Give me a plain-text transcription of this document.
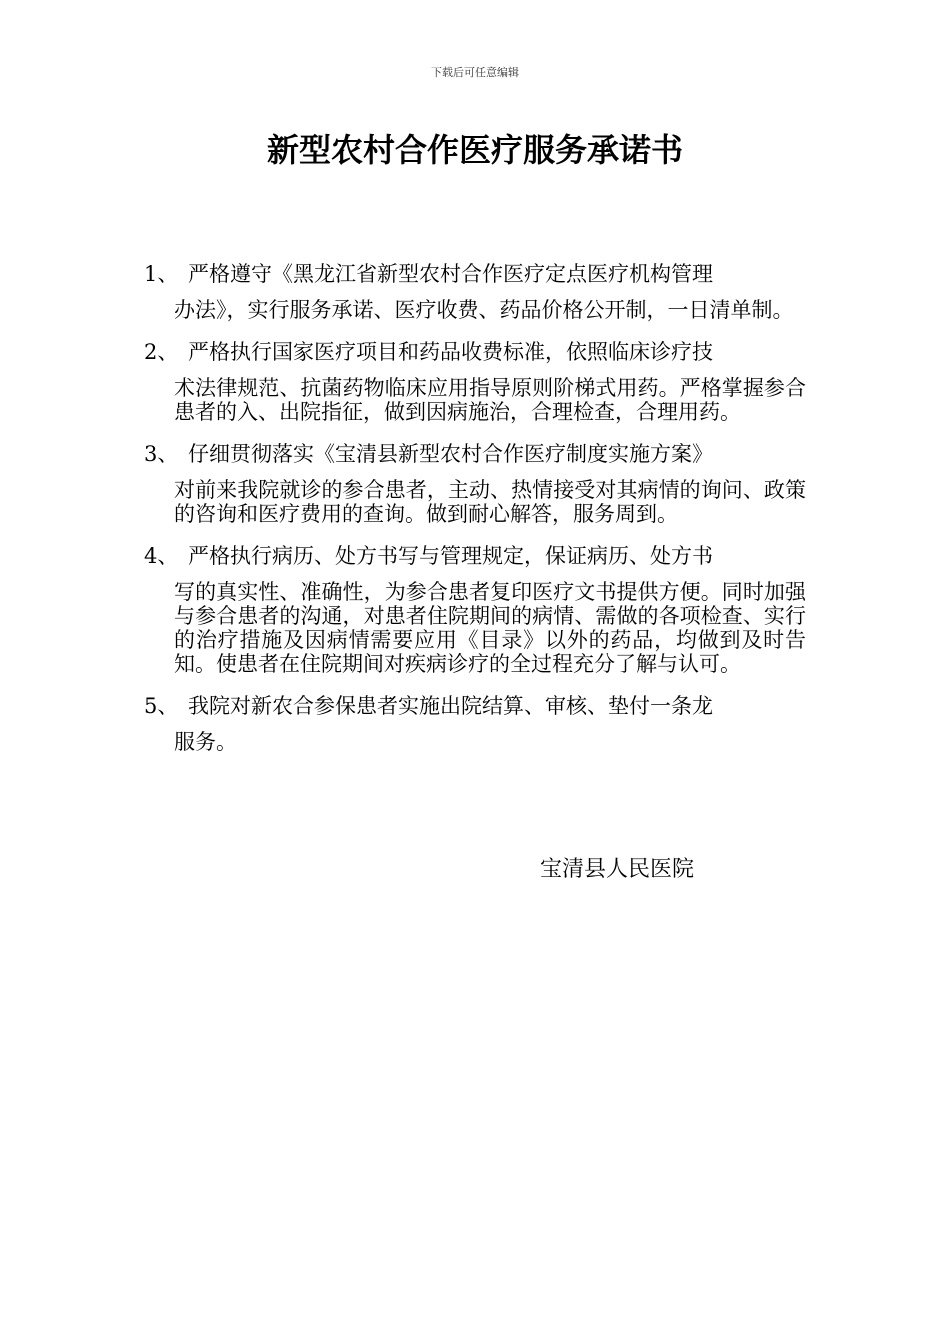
下载后可任意编辑
新型农村合作医疗服务承诺书
1、 严格遵守《黑龙江省新型农村合作医疗定点医疗机构管理
办法》，实行服务承诺、医疗收费、药品价格公开制，一日清单制。
2、 严格执行国家医疗项目和药品收费标准，依照临床诊疗技
术法律规范、抗菌药物临床应用指导原则阶梯式用药。严格掌握参合患者的入、出院指征，做到因病施治，合理检查，合理用药。
3、 仔细贯彻落实《宝清县新型农村合作医疗制度实施方案》
对前来我院就诊的参合患者，主动、热情接受对其病情的询问、政策的咨询和医疗费用的查询。做到耐心解答，服务周到。
4、 严格执行病历、处方书写与管理规定，保证病历、处方书
写的真实性、准确性，为参合患者复印医疗文书提供方便。同时加强与参合患者的沟通，对患者住院期间的病情、需做的各项检查、实行的治疗措施及因病情需要应用《目录》以外的药品，均做到及时告知。使患者在住院期间对疾病诊疗的全过程充分了解与认可。
5、 我院对新农合参保患者实施出院结算、审核、垫付一条龙
服务。
宝清县人民医院
